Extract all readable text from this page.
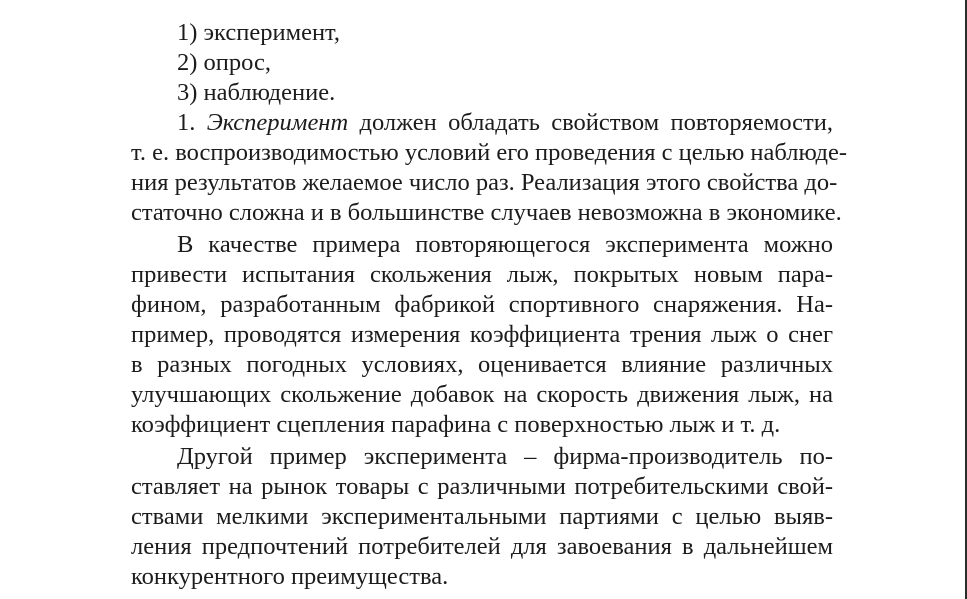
1) эксперимент,
2) опрос,
3) наблюдение.
1. Эксперимент должен обладать свойством повторяемости,
т. е. воспроизводимостью условий его проведения с целью наблюде-
ния результатов желаемое число раз. Реализация этого свойства до-
статочно сложна и в большинстве случаев невозможна в экономике.
В качестве примера повторяющегося эксперимента можно
привести испытания скольжения лыж, покрытых новым пара-
фином, разработанным фабрикой спортивного снаряжения. На-
пример, проводятся измерения коэффициента трения лыж о снег
в разных погодных условиях, оценивается влияние различных
улучшающих скольжение добавок на скорость движения лыж, на
коэффициент сцепления парафина с поверхностью лыж и т. д.
Другой пример эксперимента – фирма-производитель по-
ставляет на рынок товары с различными потребительскими свой-
ствами мелкими экспериментальными партиями с целью выяв-
ления предпочтений потребителей для завоевания в дальнейшем
конкурентного преимущества.
